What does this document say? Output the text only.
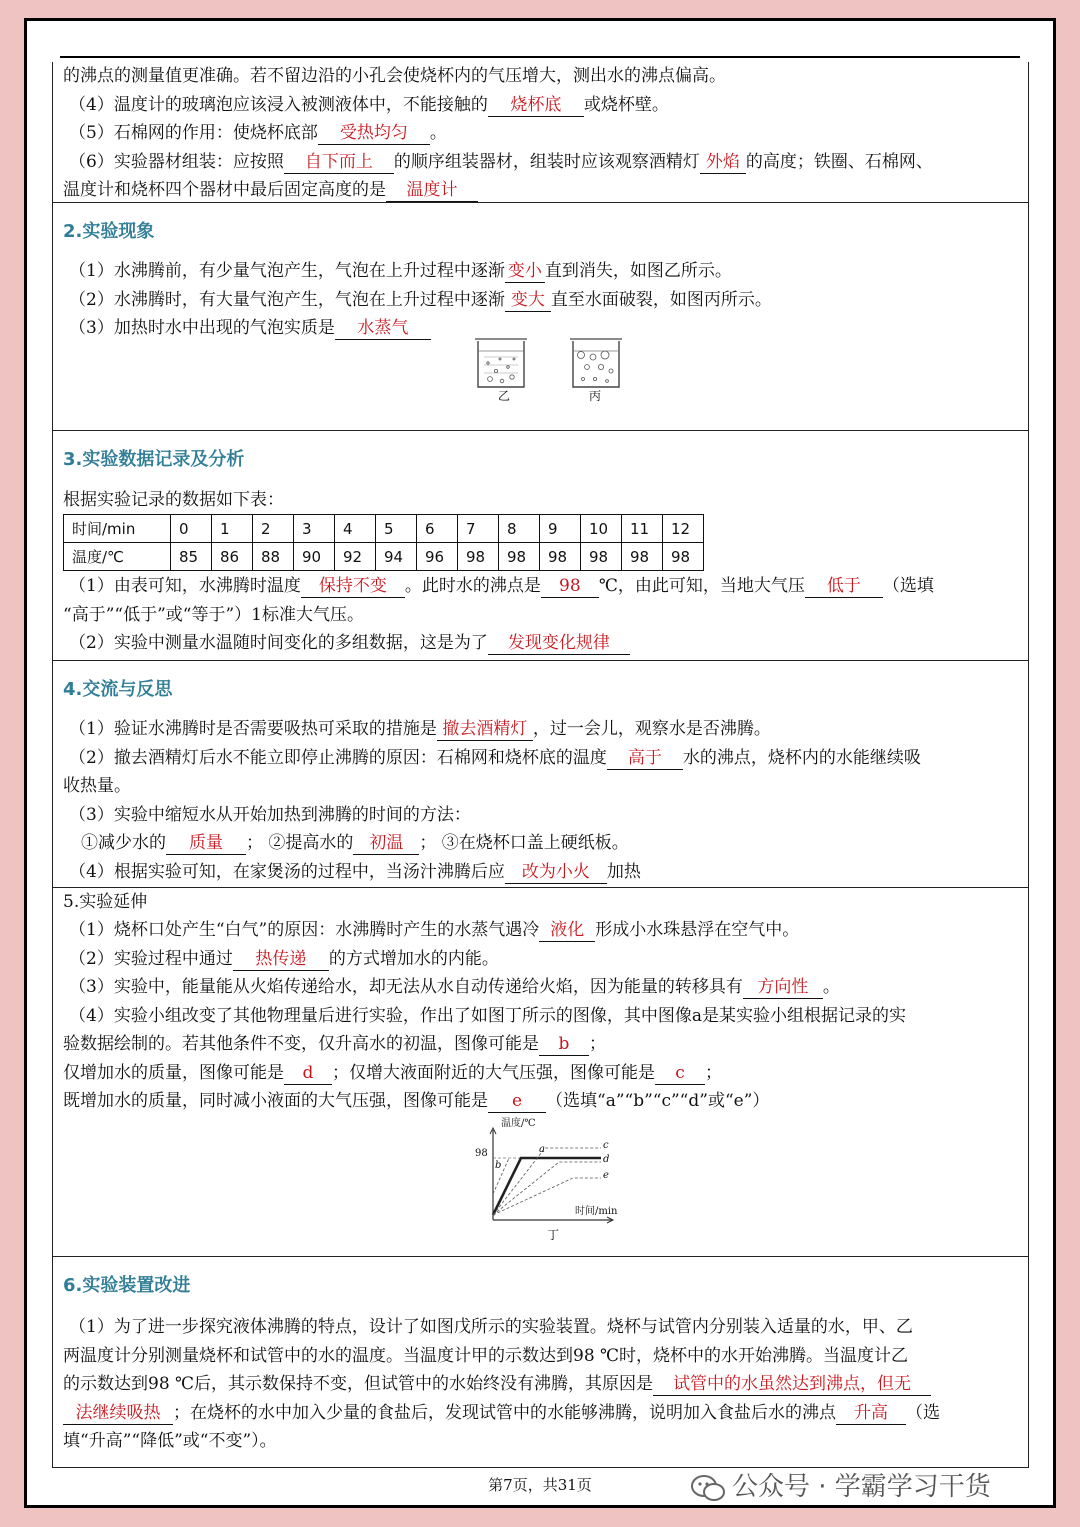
的沸点的测量值更准确。若不留边沿的小孔会使烧杯内的气压增大，测出水的沸点偏高。
（4）温度计的玻璃泡应该浸入被测液体中，不能接触的 烧杯底 或烧杯壁。
（5）石棉网的作用：使烧杯底部 受热均匀 。
（6）实验器材组装：应按照 自下而上 的顺序组装器材，组装时应该观察酒精灯 外焰 的高度；铁圈、石棉网、
温度计和烧杯四个器材中最后固定高度的是 温度计
2.实验现象
（1）水沸腾前，有少量气泡产生，气泡在上升过程中逐渐 变小 直到消失，如图乙所示。
（2）水沸腾时，有大量气泡产生，气泡在上升过程中逐渐 变大 直至水面破裂，如图丙所示。
（3）加热时水中出现的气泡实质是 水蒸气
乙	丙
3.实验数据记录及分析
根据实验记录的数据如下表：
时间/min	0	1	2	3	4	5	6	7	8	9	10	11	12
温度/℃	85	86	88	90	92	94	96	98	98	98	98	98	98
（1）由表可知，水沸腾时温度 保持不变 。此时水的沸点是 98 ℃，由此可知，当地大气压 低于 （选填
“高于”“低于”或“等于”）1标准大气压。
（2）实验中测量水温随时间变化的多组数据，这是为了 发现变化规律
4.交流与反思
（1）验证水沸腾时是否需要吸热可采取的措施是 撤去酒精灯 ，过一会儿，观察水是否沸腾。
（2）撤去酒精灯后水不能立即停止沸腾的原因：石棉网和烧杯底的温度 高于 水的沸点，烧杯内的水能继续吸
收热量。
（3）实验中缩短水从开始加热到沸腾的时间的方法：
①减少水的 质量 ； ②提高水的 初温 ； ③在烧杯口盖上硬纸板。
（4）根据实验可知，在家煲汤的过程中，当汤汁沸腾后应 改为小火 加热
5.实验延伸
（1）烧杯口处产生“白气”的原因：水沸腾时产生的水蒸气遇冷 液化 形成小水珠悬浮在空气中。
（2）实验过程中通过 热传递 的方式增加水的内能。
（3）实验中，能量能从火焰传递给水，却无法从水自动传递给火焰，因为能量的转移具有 方向性 。
（4）实验小组改变了其他物理量后进行实验，作出了如图丁所示的图像，其中图像a是某实验小组根据记录的实
验数据绘制的。若其他条件不变，仅升高水的初温，图像可能是 b ；
仅增加水的质量，图像可能是 d ；仅增大液面附近的大气压强，图像可能是 c ；
既增加水的质量，同时减小液面的大气压强，图像可能是 e （选填“a”“b”“c”“d”或“e”）
温度/℃
98	a
b
c
d
e
时间/min
丁
6.实验装置改进
（1）为了进一步探究液体沸腾的特点，设计了如图戊所示的实验装置。烧杯与试管内分别装入适量的水，甲、乙
两温度计分别测量烧杯和试管中的水的温度。当温度计甲的示数达到98 ℃时，烧杯中的水开始沸腾。当温度计乙
的示数达到98 ℃后，其示数保持不变，但试管中的水始终没有沸腾，其原因是 试管中的水虽然达到沸点，但无
法继续吸热 ；在烧杯的水中加入少量的食盐后，发现试管中的水能够沸腾，说明加入食盐后水的沸点 升高 （选
填“升高”“降低”或“不变”）。
第7页，共31页	公众号 · 学霸学习干货
